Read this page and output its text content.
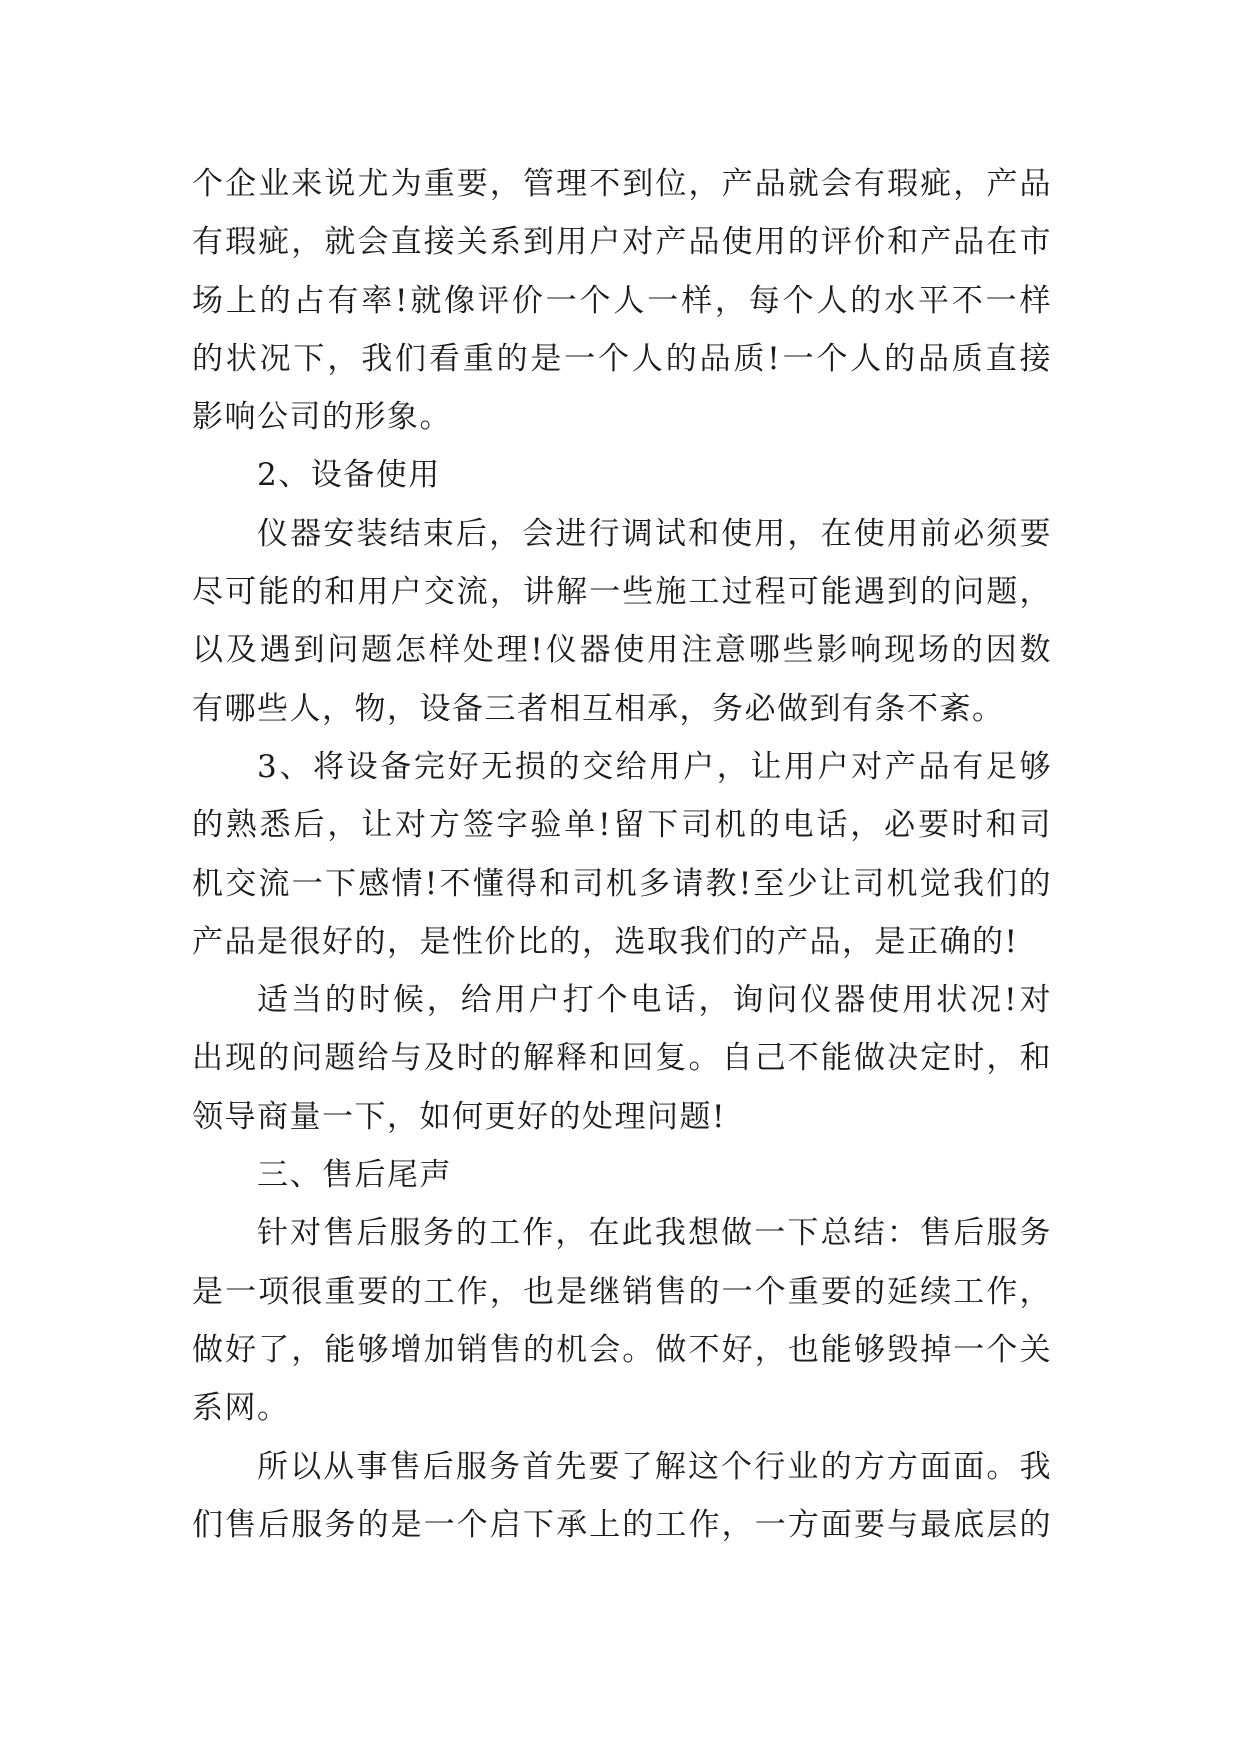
个企业来说尤为重要，管理不到位，产品就会有瑕疵，产品
有瑕疵，就会直接关系到用户对产品使用的评价和产品在市
场上的占有率!就像评价一个人一样，每个人的水平不一样
的状况下，我们看重的是一个人的品质!一个人的品质直接
影响公司的形象。
2、设备使用
仪器安装结束后，会进行调试和使用，在使用前必须要
尽可能的和用户交流，讲解一些施工过程可能遇到的问题，
以及遇到问题怎样处理!仪器使用注意哪些影响现场的因数
有哪些人，物，设备三者相互相承，务必做到有条不紊。
3、将设备完好无损的交给用户，让用户对产品有足够
的熟悉后，让对方签字验单!留下司机的电话，必要时和司
机交流一下感情!不懂得和司机多请教!至少让司机觉我们的
产品是很好的，是性价比的，选取我们的产品，是正确的!
适当的时候，给用户打个电话，询问仪器使用状况!对
出现的问题给与及时的解释和回复。自己不能做决定时，和
领导商量一下，如何更好的处理问题!
三、售后尾声
针对售后服务的工作，在此我想做一下总结：售后服务
是一项很重要的工作，也是继销售的一个重要的延续工作，
做好了，能够增加销售的机会。做不好，也能够毁掉一个关
系网。
所以从事售后服务首先要了解这个行业的方方面面。我
们售后服务的是一个启下承上的工作，一方面要与最底层的
